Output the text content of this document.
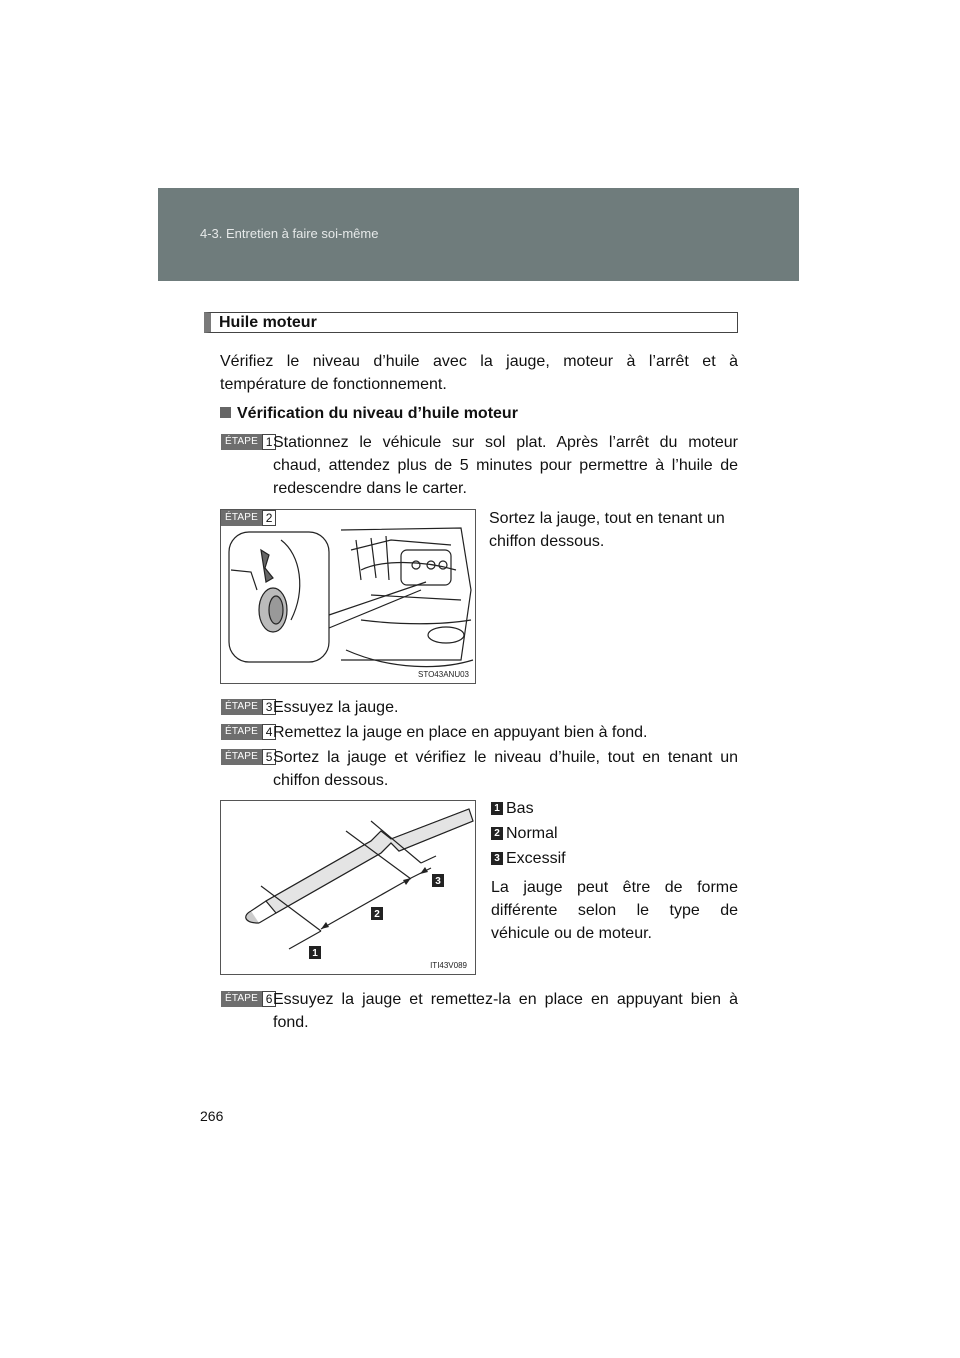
4-3. Entretien à faire soi-même
Huile moteur
Vérifiez le niveau d’huile avec la jauge, moteur à l’arrêt et à
température de fonctionnement.
Vérification du niveau d’huile moteur
ÉTAPE 1 Stationnez le véhicule sur sol plat. Après l’arrêt du moteur
chaud, attendez plus de 5 minutes pour permettre à l’huile de
redescendre dans le carter.
STO43ANU03
ÉTAPE 2	Sortez la jauge, tout en tenant un
chiffon dessous.
ÉTAPE 3 Essuyez la jauge.
ÉTAPE 4 Remettez la jauge en place en appuyant bien à fond.
ÉTAPE 5 Sortez la jauge et vérifiez le niveau d’huile, tout en tenant un
chiffon dessous.
1
2
3
ITI43V089
1 Bas
2 Normal
3 Excessif
La jauge peut être de forme
différente selon le type de
véhicule ou de moteur.
ÉTAPE 6 Essuyez la jauge et remettez-la en place en appuyant bien à
fond.
266
